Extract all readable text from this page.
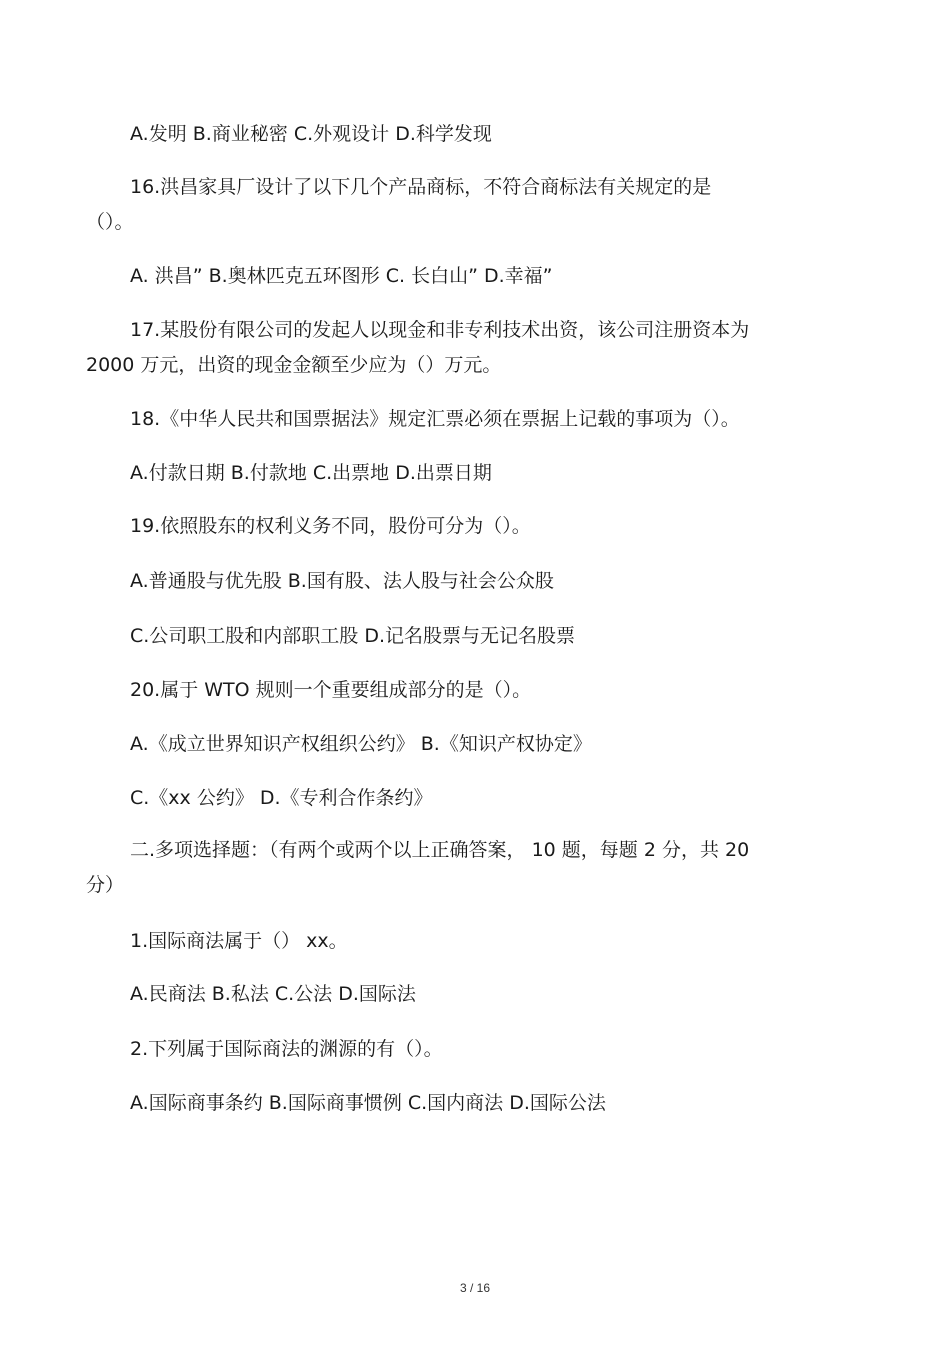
A.发明 B.商业秘密 C.外观设计 D.科学发现
16.洪昌家具厂设计了以下几个产品商标，不符合商标法有关规定的是
（）。
A. 洪昌” B.奥林匹克五环图形 C. 长白山” D.幸福”
17.某股份有限公司的发起人以现金和非专利技术出资，该公司注册资本为
2000 万元，出资的现金金额至少应为（）万元。
18.《中华人民共和国票据法》规定汇票必须在票据上记载的事项为（）。
A.付款日期 B.付款地 C.出票地 D.出票日期
19.依照股东的权利义务不同，股份可分为（）。
A.普通股与优先股 B.国有股、法人股与社会公众股
C.公司职工股和内部职工股 D.记名股票与无记名股票
20.属于 WTO 规则一个重要组成部分的是（）。
A.《成立世界知识产权组织公约》 B.《知识产权协定》
C.《xx 公约》 D.《专利合作条约》
二.多项选择题：（有两个或两个以上正确答案， 10 题，每题 2 分，共 20
分）
1.国际商法属于（） xx。
A.民商法 B.私法 C.公法 D.国际法
2.下列属于国际商法的渊源的有（）。
A.国际商事条约 B.国际商事惯例 C.国内商法 D.国际公法
3 / 16
